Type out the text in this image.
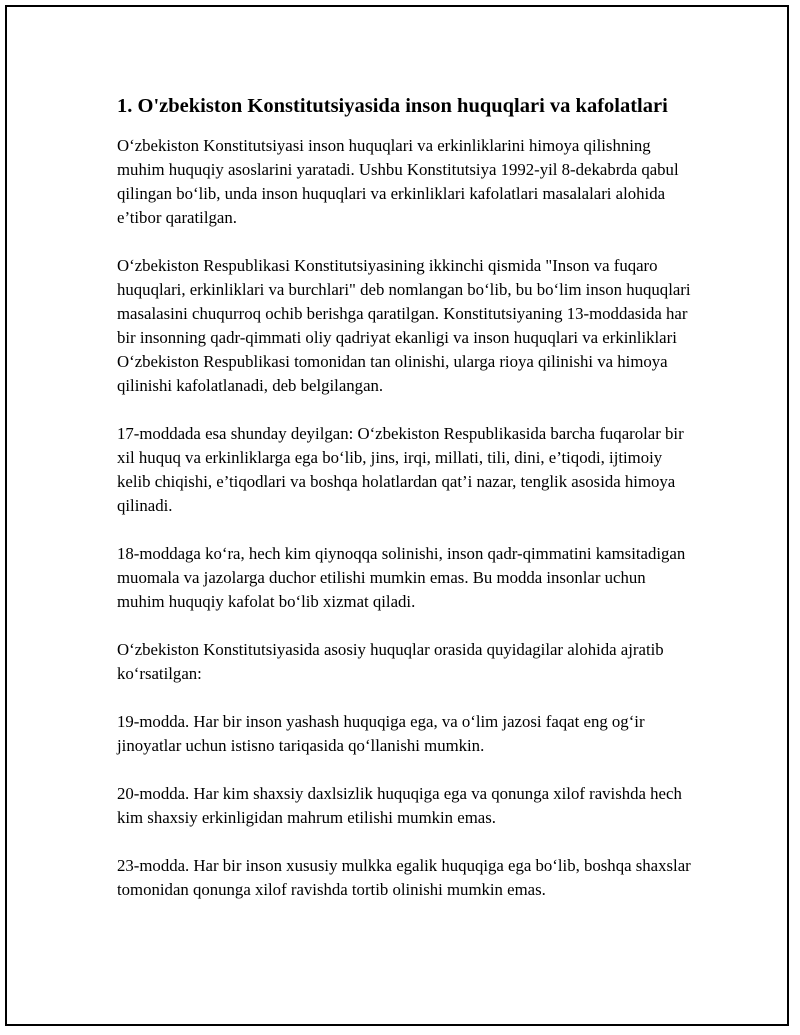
1. O'zbekiston Konstitutsiyasida inson huquqlari va kafolatlari

O‘zbekiston Konstitutsiyasi inson huquqlari va erkinliklarini himoya qilishning muhim huquqiy asoslarini yaratadi. Ushbu Konstitutsiya 1992-yil 8-dekabrda qabul qilingan bo‘lib, unda inson huquqlari va erkinliklari kafolatlari masalalari alohida e’tibor qaratilgan.

O‘zbekiston Respublikasi Konstitutsiyasining ikkinchi qismida "Inson va fuqaro huquqlari, erkinliklari va burchlari" deb nomlangan bo‘lib, bu bo‘lim inson huquqlari masalasini chuqurroq ochib berishga qaratilgan. Konstitutsiyaning 13-moddasida har bir insonning qadr-qimmati oliy qadriyat ekanligi va inson huquqlari va erkinliklari O‘zbekiston Respublikasi tomonidan tan olinishi, ularga rioya qilinishi va himoya qilinishi kafolatlanadi, deb belgilangan.

17-moddada esa shunday deyilgan: O‘zbekiston Respublikasida barcha fuqarolar bir xil huquq va erkinliklarga ega bo‘lib, jins, irqi, millati, tili, dini, e’tiqodi, ijtimoiy kelib chiqishi, e’tiqodlari va boshqa holatlardan qat’i nazar, tenglik asosida himoya qilinadi.

18-moddaga ko‘ra, hech kim qiynoqqa solinishi, inson qadr-qimmatini kamsitadigan muomala va jazolarga duchor etilishi mumkin emas. Bu modda insonlar uchun muhim huquqiy kafolat bo‘lib xizmat qiladi.

O‘zbekiston Konstitutsiyasida asosiy huquqlar orasida quyidagilar alohida ajratib ko‘rsatilgan:

19-modda. Har bir inson yashash huquqiga ega, va o‘lim jazosi faqat eng og‘ir jinoyatlar uchun istisno tariqasida qo‘llanishi mumkin.

20-modda. Har kim shaxsiy daxlsizlik huquqiga ega va qonunga xilof ravishda hech kim shaxsiy erkinligidan mahrum etilishi mumkin emas.

23-modda. Har bir inson xususiy mulkka egalik huquqiga ega bo‘lib, boshqa shaxslar tomonidan qonunga xilof ravishda tortib olinishi mumkin emas.
